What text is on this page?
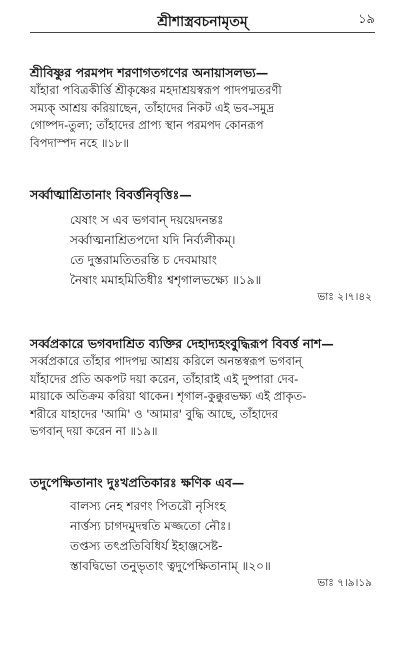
শ্রীশাস্ত্রবচনামৃতম্	১৯
শ্রীবিষ্ণুর পরমপদ শরণাগতগণের অনায়াসলভ্য—
যাঁহারা পবিত্রকীর্ত্তি শ্রীকৃষ্ণের মহদাশ্রয়স্বরূপ পাদপদ্মতরণী
সম্যক্ আশ্রয় করিয়াছেন, তাঁহাদের নিকট এই ভব-সমুদ্র
গোষ্পদ-তুল্য; তাঁহাদের প্রাপ্য স্থান পরমপদ কোনরূপ
বিপদাস্পদ নহে ॥১৮॥
সর্ব্বাত্মাশ্রিতানাং বিবর্ত্তনিবৃত্তিঃ—
যেষাং স এব ভগবান্ দয়য়েদনন্তঃ
সর্ব্বাত্মনাশ্রিতপদো যদি নির্ব্যলীকম্।
তে দুস্তরামতিতরন্তি চ দেবমায়াং
নৈষাং মমাহমিতিধীঃ শ্বশৃগালভক্ষ্যে ॥১৯॥
ভাঃ ২।৭।৪২
সর্ব্বপ্রকারে ভগবদাশ্রিত ব্যক্তির দেহাদ্যহংবুদ্ধিরূপ বিবর্ত্ত নাশ—
সর্ব্বপ্রকারে তাঁহার পাদপদ্ম আশ্রয় করিলে অনন্তস্বরূপ ভগবান্
যাঁহাদের প্রতি অকপট দয়া করেন, তাঁহারাই এই দুষ্পারা দেব-
মায়াকে অতিক্রম করিয়া থাকেন। শৃগাল-কুক্কুরভক্ষ্য এই প্রাকৃত-
শরীরে যাহাদের 'আমি' ও 'আমার' বুদ্ধি আছে, তাঁহাদের
ভগবান্ দয়া করেন না ॥১৯॥
তদুপেক্ষিতানাং দুঃখপ্রতিকারঃ ক্ষণিক এব—
বালস্য নেহ শরণং পিতরৌ নৃসিংহ
নার্ত্তস্য চাগদমুদন্বতি মজ্জতো নৌঃ।
তপ্তস্য তৎপ্রতিবিধির্য ইহাঞ্জসেষ্ট-
স্তাবদ্বিভো তনুভৃতাং ত্বদুপেক্ষিতানাম্ ॥২০॥
ভাঃ ৭।৯।১৯
